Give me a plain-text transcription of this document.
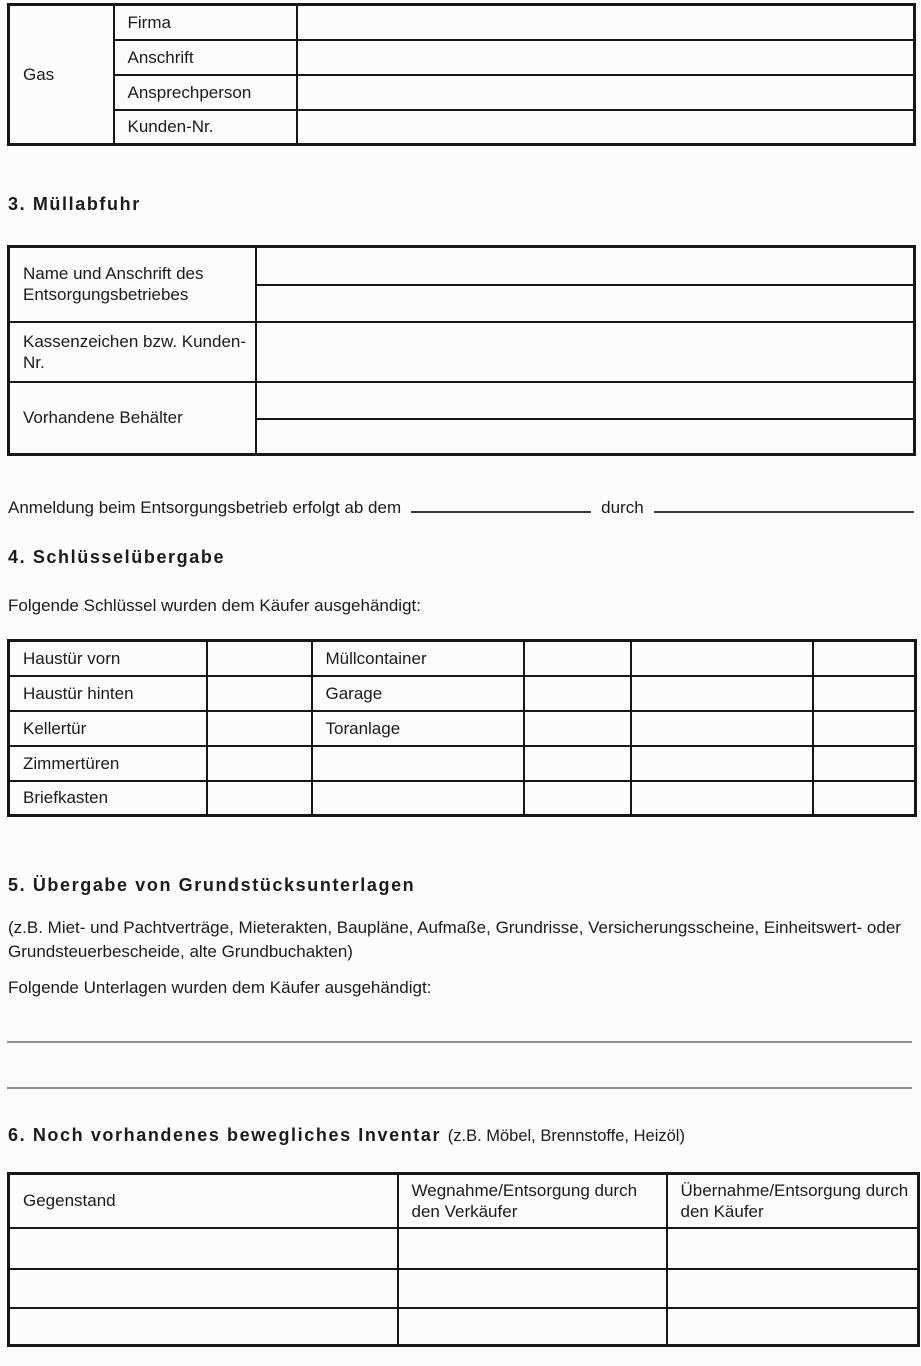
Gas	Firma	
	Anschrift	
	Ansprechperson	
	Kunden-Nr.	
3. Müllabfuhr
Name und Anschrift des Entsorgungsbetriebes	

Kassenzeichen bzw. Kunden-Nr.	
Vorhandene Behälter	

Anmeldung beim Entsorgungsbetrieb erfolgt ab dem	durch
4. Schlüsselübergabe
Folgende Schlüssel wurden dem Käufer ausgehändigt:
Haustür vorn		Müllcontainer			
Haustür hinten		Garage			
Kellertür		Toranlage			
Zimmertüren					
Briefkasten					
5. Übergabe von Grundstücksunterlagen
(z.B. Miet- und Pachtverträge, Mieterakten, Baupläne, Aufmaße, Grundrisse, Versicherungsscheine, Einheitswert- oder Grundsteuerbescheide, alte Grundbuchakten)
Folgende Unterlagen wurden dem Käufer ausgehändigt:
6. Noch vorhandenes bewegliches Inventar (z.B. Möbel, Brennstoffe, Heizöl)
Gegenstand	Wegnahme/Entsorgung durch den Verkäufer	Übernahme/Entsorgung durch den Käufer
